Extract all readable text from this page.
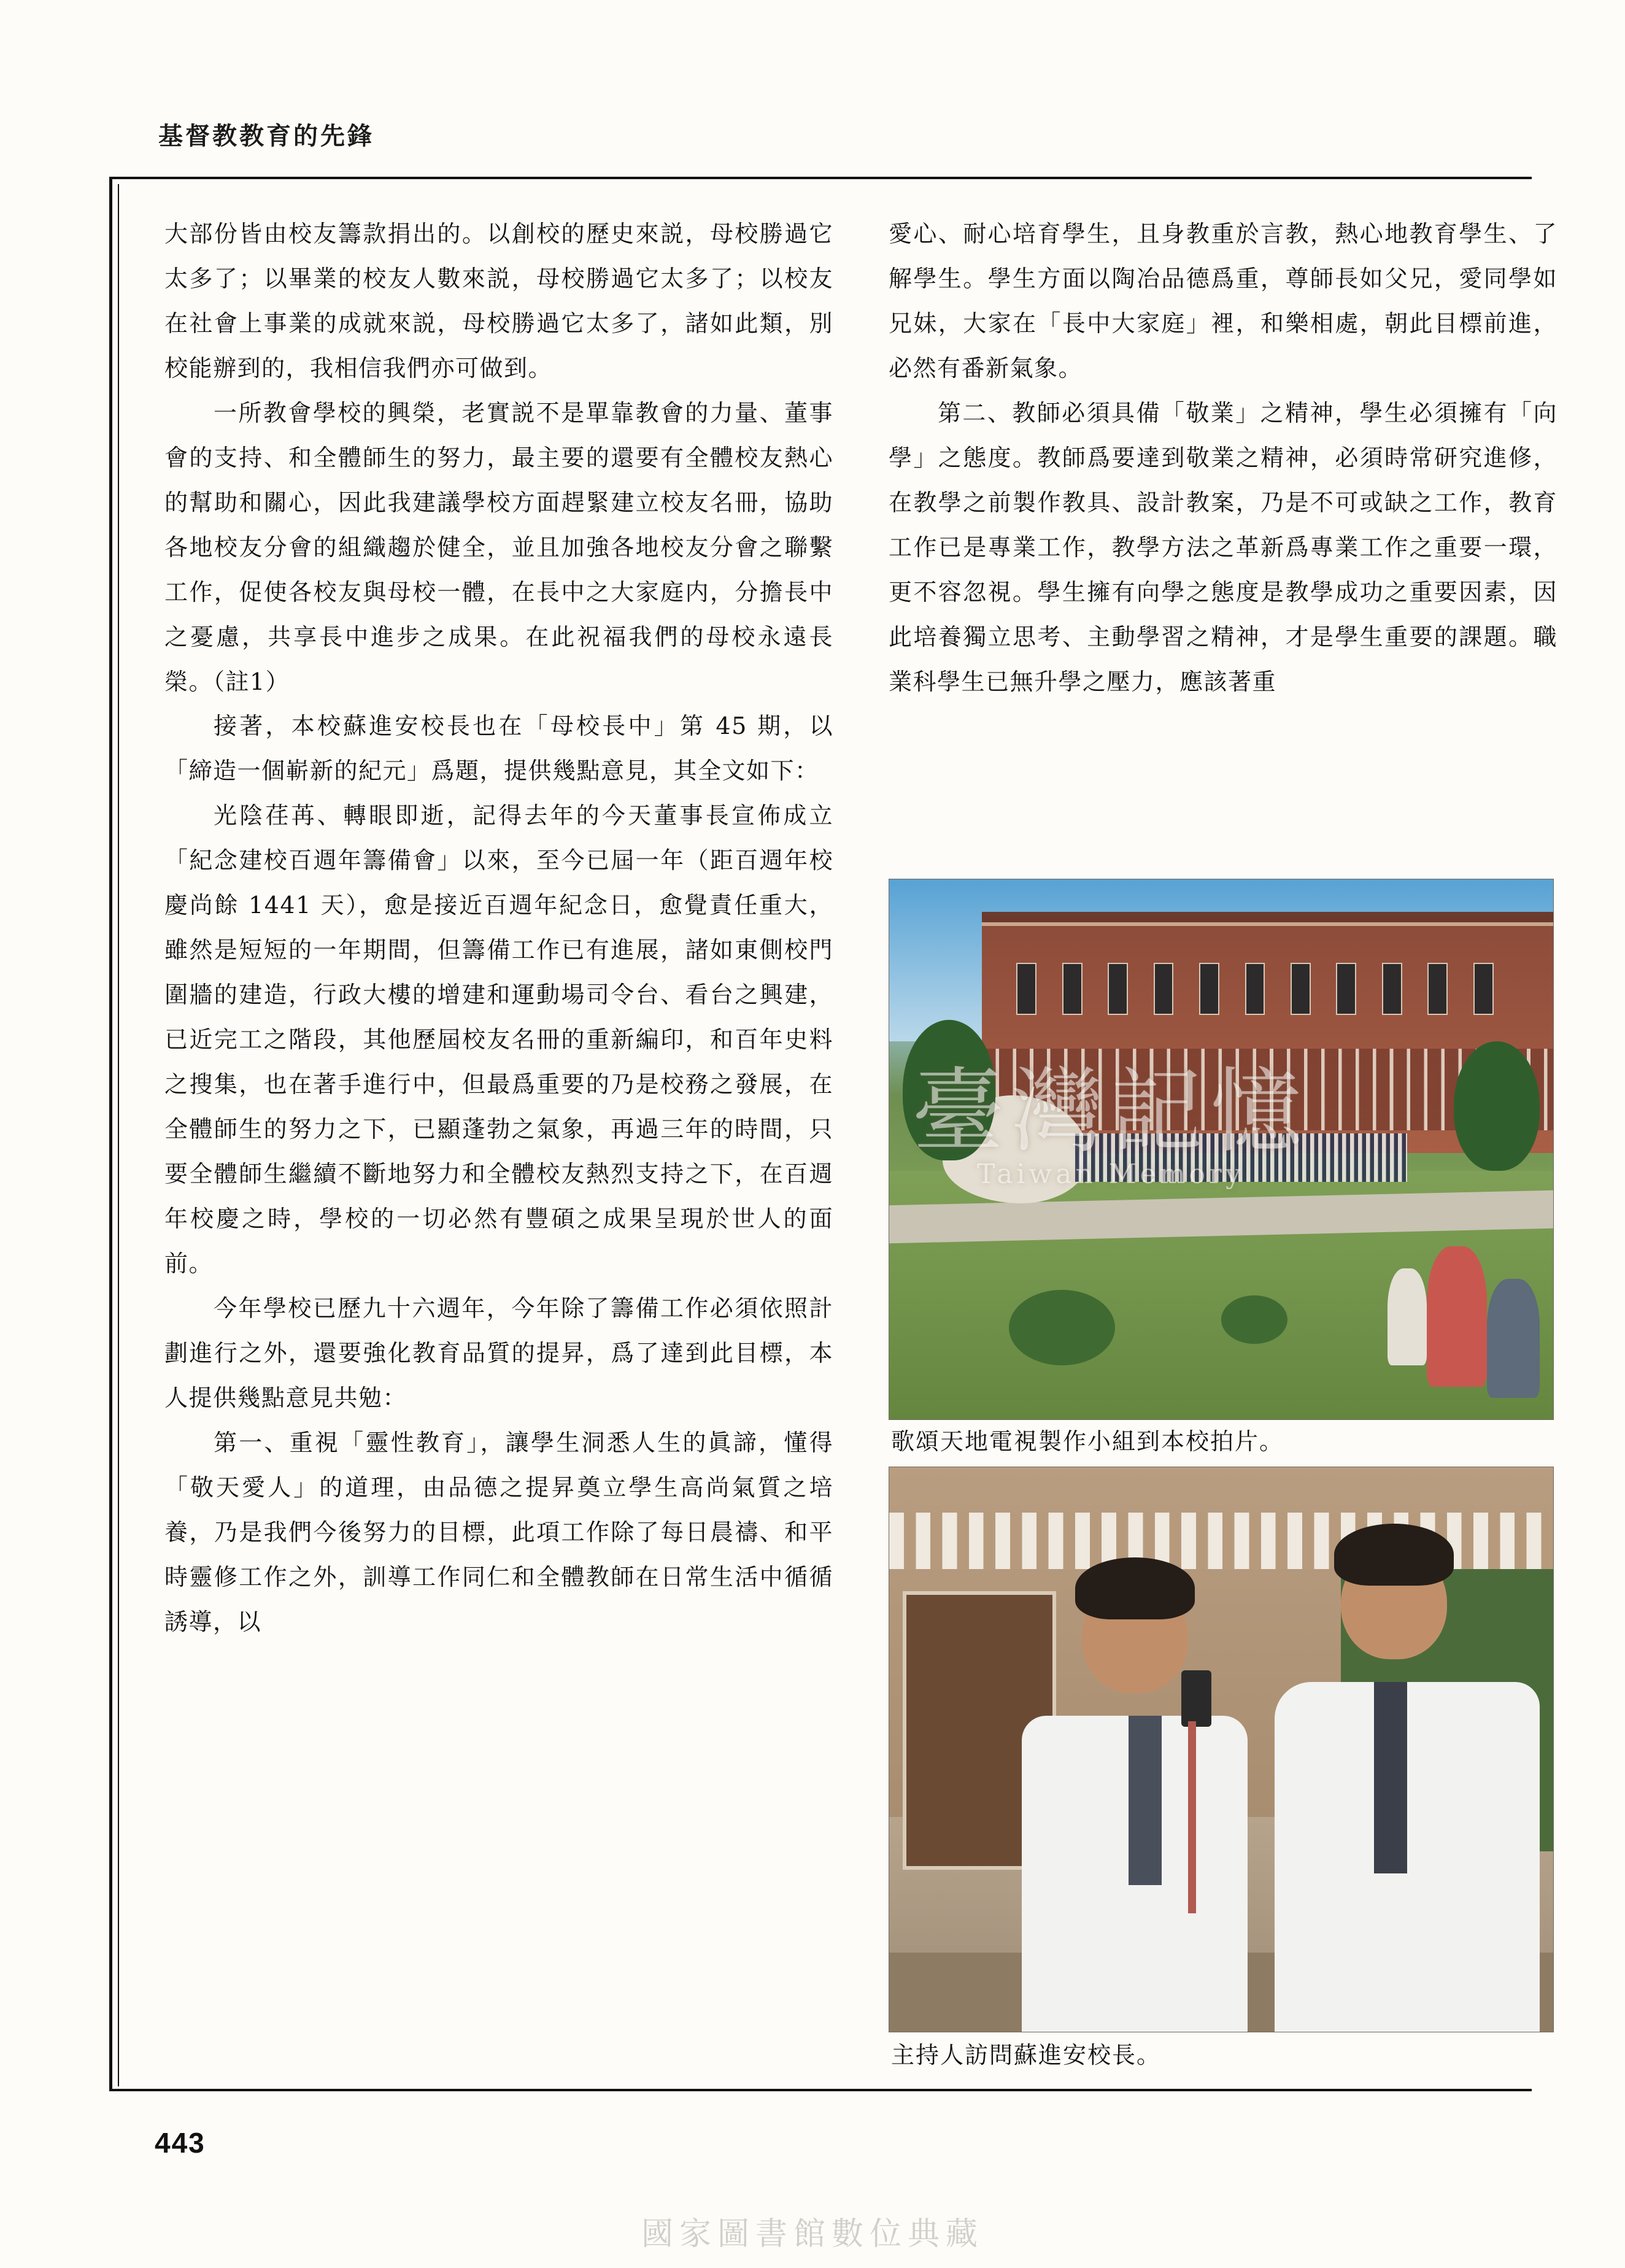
基督教教育的先鋒

大部份皆由校友籌款捐出的。以創校的歷史來説，母校勝過它太多了；以畢業的校友人數來説，母校勝過它太多了；以校友在社會上事業的成就來説，母校勝過它太多了，諸如此類，別校能辦到的，我相信我們亦可做到。

一所教會學校的興榮，老實説不是單靠教會的力量、董事會的支持、和全體師生的努力，最主要的還要有全體校友熱心的幫助和關心，因此我建議學校方面趕緊建立校友名冊，協助各地校友分會的組織趨於健全，並且加強各地校友分會之聯繫工作，促使各校友與母校一體，在長中之大家庭内，分擔長中之憂慮，共享長中進步之成果。在此祝福我們的母校永遠長榮。（註1）

接著，本校蘇進安校長也在「母校長中」第 45 期，以「締造一個嶄新的紀元」爲題，提供幾點意見，其全文如下：

光陰荏苒、轉眼即逝，記得去年的今天董事長宣佈成立「紀念建校百週年籌備會」以來，至今已屆一年（距百週年校慶尚餘 1441 天），愈是接近百週年紀念日，愈覺責任重大，雖然是短短的一年期間，但籌備工作已有進展，諸如東側校門圍牆的建造，行政大樓的增建和運動場司令台、看台之興建，已近完工之階段，其他歷屆校友名冊的重新編印，和百年史料之搜集，也在著手進行中，但最爲重要的乃是校務之發展，在全體師生的努力之下，已顯蓬勃之氣象，再過三年的時間，只要全體師生繼續不斷地努力和全體校友熱烈支持之下，在百週年校慶之時，學校的一切必然有豐碩之成果呈現於世人的面前。

今年學校已歷九十六週年，今年除了籌備工作必須依照計劃進行之外，還要強化教育品質的提昇，爲了達到此目標，本人提供幾點意見共勉：

第一、重視「靈性教育」，讓學生洞悉人生的眞諦，懂得「敬天愛人」的道理，由品德之提昇奠立學生高尚氣質之培養，乃是我們今後努力的目標，此項工作除了每日晨禱、和平時靈修工作之外，訓導工作同仁和全體教師在日常生活中循循誘導，以

愛心、耐心培育學生，且身教重於言教，熱心地教育學生、了解學生。學生方面以陶冶品德爲重，尊師長如父兄，愛同學如兄妹，大家在「長中大家庭」裡，和樂相處，朝此目標前進，必然有番新氣象。

第二、教師必須具備「敬業」之精神，學生必須擁有「向學」之態度。教師爲要達到敬業之精神，必須時常研究進修，在教學之前製作教具、設計教案，乃是不可或缺之工作，教育工作已是專業工作，教學方法之革新爲專業工作之重要一環，更不容忽視。學生擁有向學之態度是教學成功之重要因素，因此培養獨立思考、主動學習之精神，才是學生重要的課題。職業科學生已無升學之壓力，應該著重

臺灣記憶
Taiwan Memory
歌頌天地電視製作小組到本校拍片。
主持人訪問蘇進安校長。
443
國家圖書館數位典藏
